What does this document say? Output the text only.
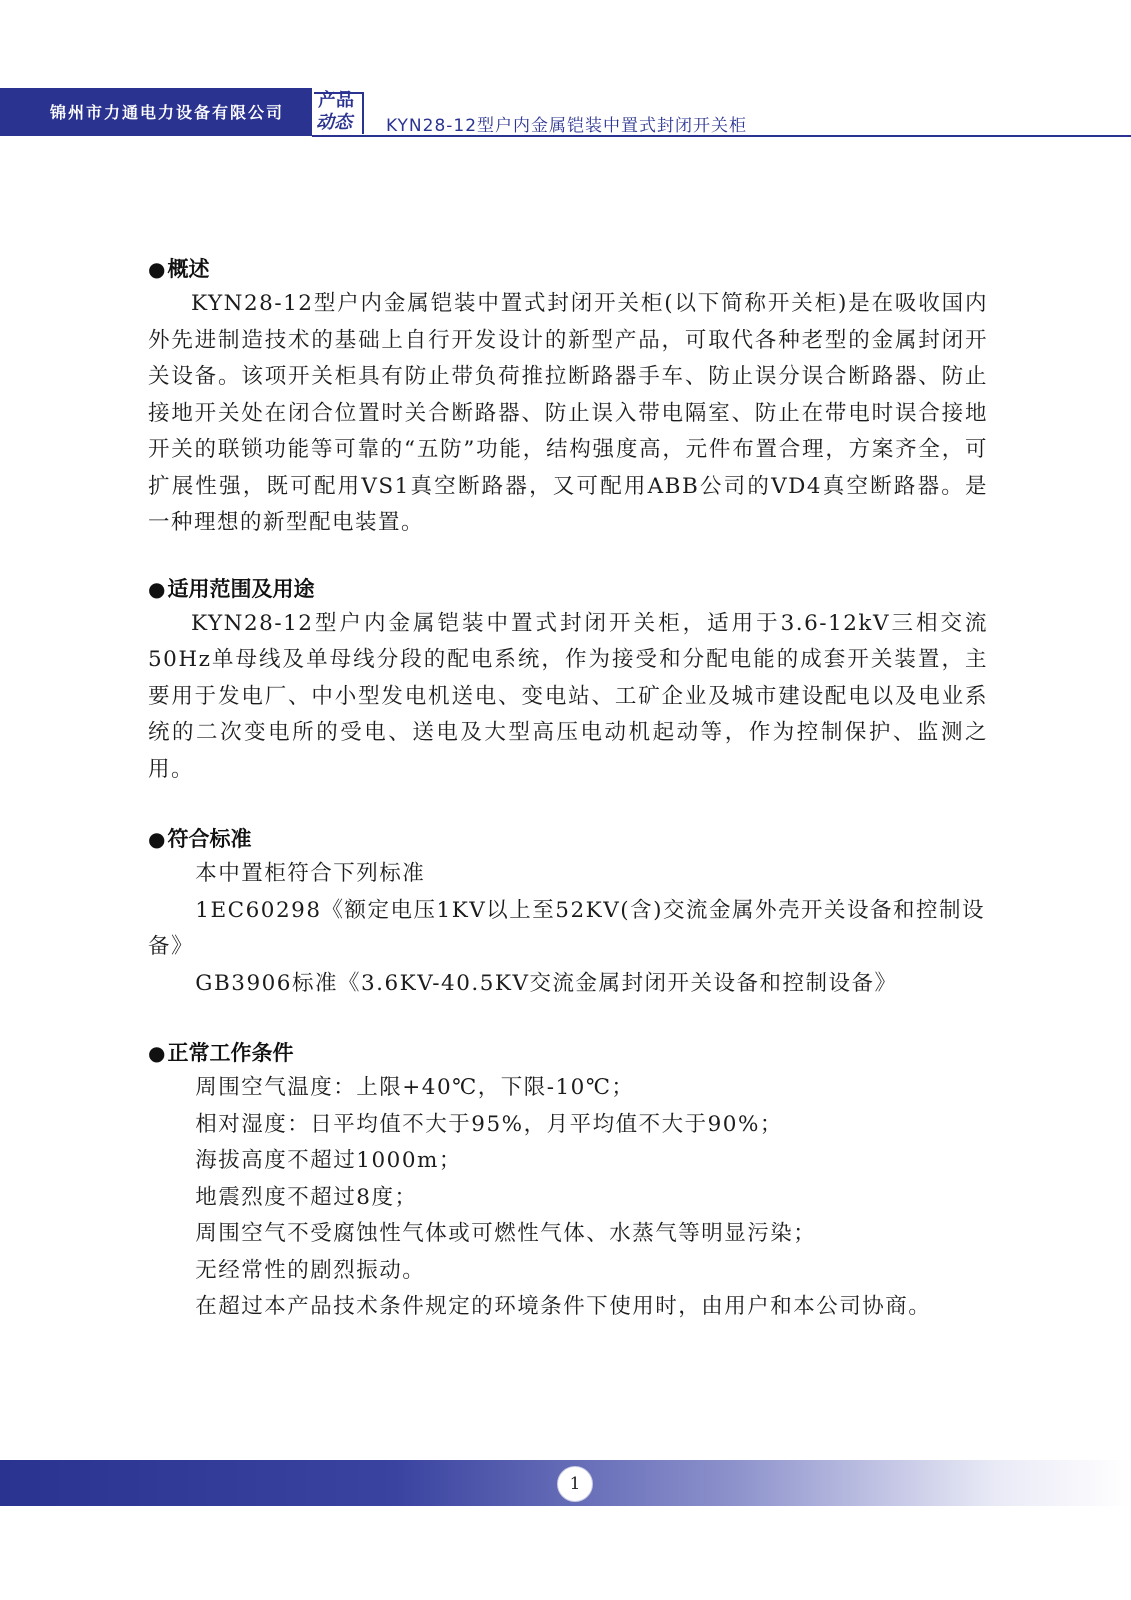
锦州市力通电力设备有限公司
产品
动态 KYN28-12型户内金属铠装中置式封闭开关柜
●概述

KYN28-12型户内金属铠装中置式封闭开关柜(以下简称开关柜)是在吸收国内外先进制造技术的基础上自行开发设计的新型产品，可取代各种老型的金属封闭开关设备。该项开关柜具有防止带负荷推拉断路器手车、防止误分误合断路器、防止接地开关处在闭合位置时关合断路器、防止误入带电隔室、防止在带电时误合接地开关的联锁功能等可靠的“五防”功能，结构强度高，元件布置合理，方案齐全，可扩展性强，既可配用VS1真空断路器，又可配用ABB公司的VD4真空断路器。是一种理想的新型配电装置。

●适用范围及用途

KYN28-12型户内金属铠装中置式封闭开关柜，适用于3.6-12kV三相交流50Hz单母线及单母线分段的配电系统，作为接受和分配电能的成套开关装置，主要用于发电厂、中小型发电机送电、变电站、工矿企业及城市建设配电以及电业系统的二次变电所的受电、送电及大型高压电动机起动等，作为控制保护、监测之用。

●符合标准

本中置柜符合下列标准

1EC60298《额定电压1KV以上至52KV(含)交流金属外壳开关设备和控制设备》

GB3906标准《3.6KV-40.5KV交流金属封闭开关设备和控制设备》

●正常工作条件

周围空气温度：上限+40℃，下限-10℃；

相对湿度：日平均值不大于95%，月平均值不大于90%；

海拔高度不超过1000m；

地震烈度不超过8度；

周围空气不受腐蚀性气体或可燃性气体、水蒸气等明显污染；

无经常性的剧烈振动。

在超过本产品技术条件规定的环境条件下使用时，由用户和本公司协商。

1
